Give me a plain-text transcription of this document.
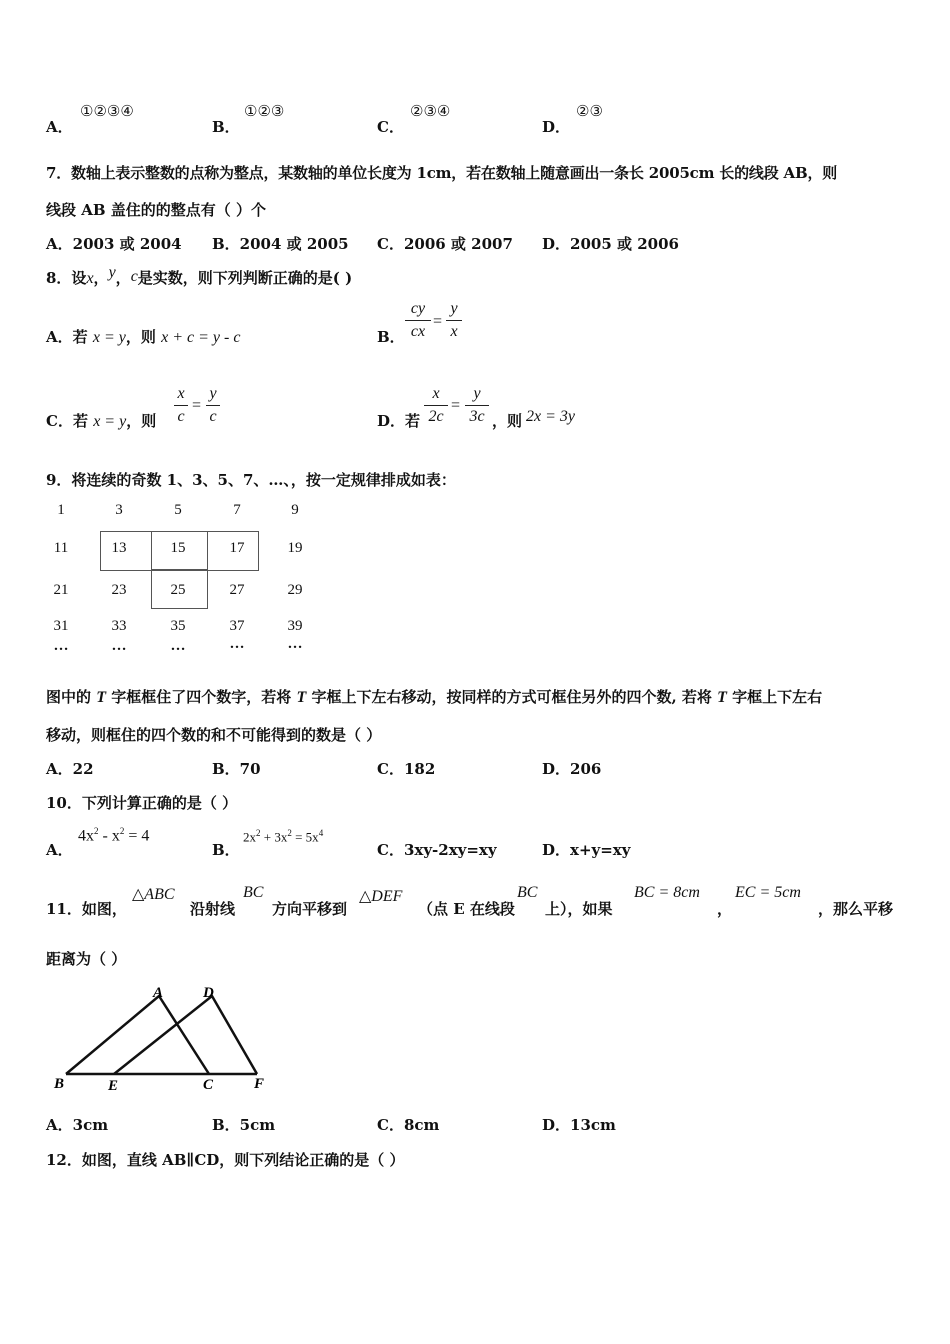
A．
①②③④
B．
①②③
C．
②③④
D．
②③
7．数轴上表示整数的点称为整点，某数轴的单位长度为 1cm，若在数轴上随意画出一条长 2005cm 长的线段 AB，则
线段 AB 盖住的的整点有（ ）个
A．2003 或 2004 B．2004 或 2005 C．2006 或 2007 D．2005 或 2006
8．设x，y，c是实数，则下列判断正确的是( )
A．若 x = y，则 x + c = y - c	B．
cy
cx
=
y
x
C．若 x = y，则
x
c
=
y
c	D．若
x
2c
=
y
3c ，则 2x = 3y
9．将连续的奇数 1、3、5、7、…、，按一定规律排成如表：
1	3	5	7	9
11	13	15	17	19
21	23	25	27	29
31	33	35	37	39
…	…	…	…	…
图中的 T 字框框住了四个数字，若将 T 字框上下左右移动，按同样的方式可框住另外的四个数, 若将 T 字框上下左右
移动，则框住的四个数的和不可能得到的数是（ ）
A．22	B．70	C．182	D．206
10．下列计算正确的是（ ）
A．
$4x^2 - x^2 = 4$
B．
$2x^2 + 3x^2 = 5x^4$
C．3xy-2xy=xy	D．x+y=xy
11．如图，
△ABC
沿射线
BC
方向平移到
△DEF
（点 E 在线段
BC
上），如果
BC = 8cm
，
EC = 5cm
，那么平移
距离为（ ）
A	D
B	E	C	F
A．3cm	B．5cm	C．8cm	D．13cm
12．如图，直线 AB∥CD，则下列结论正确的是（ ）
